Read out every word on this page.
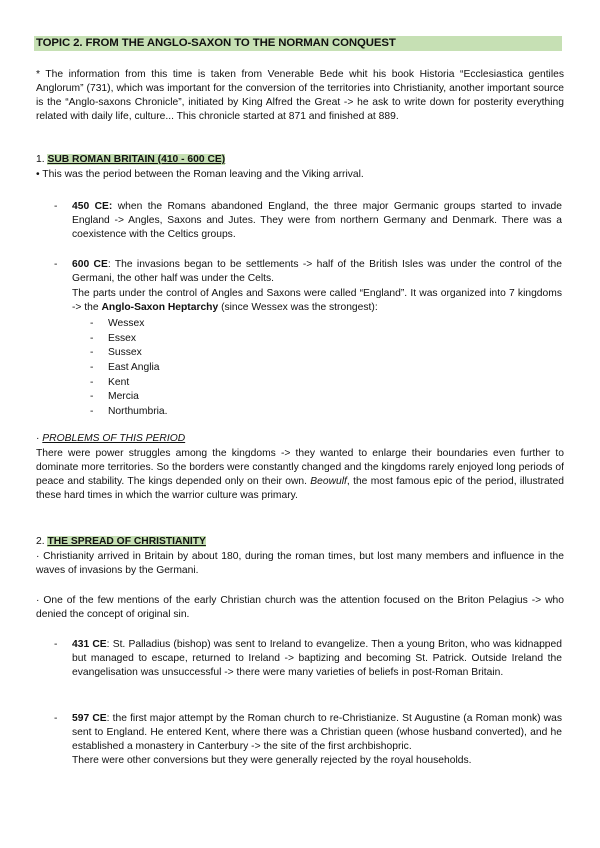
TOPIC 2. FROM THE ANGLO-SAXON TO THE NORMAN CONQUEST
* The information from this time is taken from Venerable Bede whit his book Historia “Ecclesiastica gentiles Anglorum” (731), which was important for the conversion of the territories into Christianity, another important source is the “Anglo-saxons Chronicle”, initiated by King Alfred the Great -> he ask to write down for posterity everything related with daily life, culture... This chronicle started at 871 and finished at 889.
1. SUB ROMAN BRITAIN (410 - 600 CE)
• This was the period between the Roman leaving and the Viking arrival.
- 450 CE: when the Romans abandoned England, the three major Germanic groups started to invade England -> Angles, Saxons and Jutes. They were from northern Germany and Denmark. There was a coexistence with the Celtics groups.
- 600 CE: The invasions began to be settlements -> half of the British Isles was under the control of the Germani, the other half was under the Celts.
The parts under the control of Angles and Saxons were called “England”. It was organized into 7 kingdoms -> the Anglo-Saxon Heptarchy (since Wessex was the strongest):
- Wessex
- Essex
- Sussex
- East Anglia
- Kent
- Mercia
- Northumbria.
· PROBLEMS OF THIS PERIOD
There were power struggles among the kingdoms -> they wanted to enlarge their boundaries even further to dominate more territories. So the borders were constantly changed and the kingdoms rarely enjoyed long periods of peace and stability. The kings depended only on their own. Beowulf, the most famous epic of the period, illustrated these hard times in which the warrior culture was primary.
2. THE SPREAD OF CHRISTIANITY
· Christianity arrived in Britain by about 180, during the roman times, but lost many members and influence in the waves of invasions by the Germani.
· One of the few mentions of the early Christian church was the attention focused on the Briton Pelagius -> who denied the concept of original sin.
- 431 CE: St. Palladius (bishop) was sent to Ireland to evangelize. Then a young Briton, who was kidnapped but managed to escape, returned to Ireland -> baptizing and becoming St. Patrick. Outside Ireland the evangelisation was unsuccessful -> there were many varieties of beliefs in post-Roman Britain.
- 597 CE: the first major attempt by the Roman church to re-Christianize. St Augustine (a Roman monk) was sent to England. He entered Kent, where there was a Christian queen (whose husband converted), and he established a monastery in Canterbury -> the site of the first archbishopric.
There were other conversions but they were generally rejected by the royal households.
